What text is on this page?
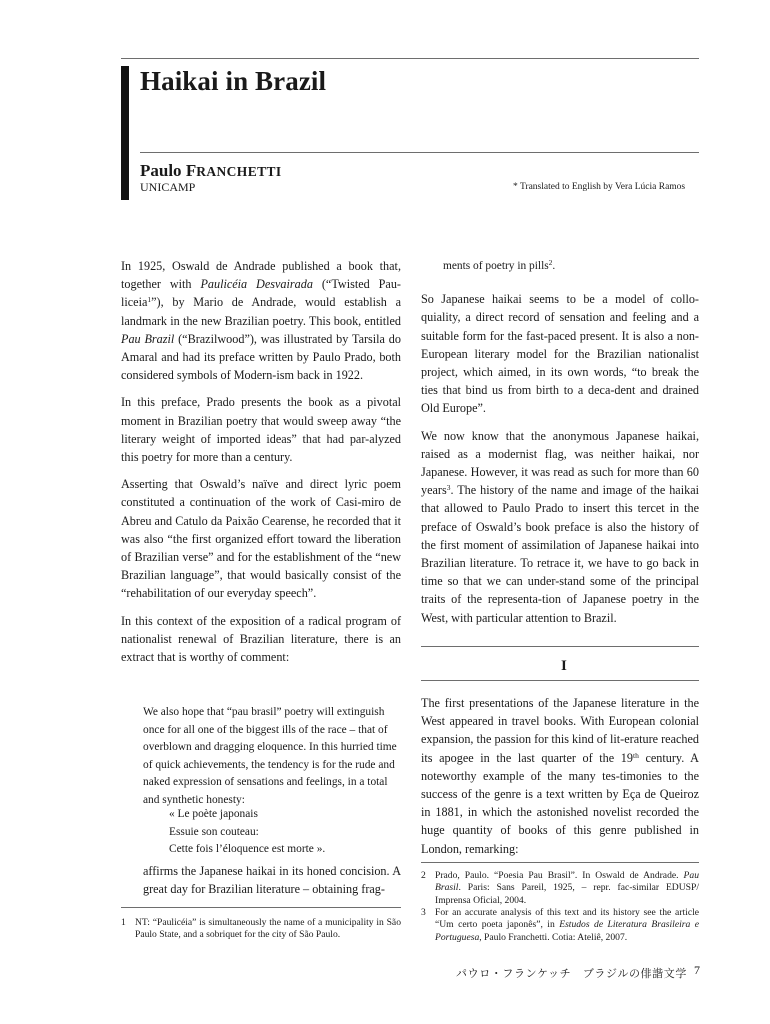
Haikai in Brazil
Paulo FRANCHETTI
UNICAMP	* Translated to English by Vera Lúcia Ramos

In 1925, Oswald de Andrade published a book that, together with Paulicéia Desvairada (“Twisted Pau-liceia$^1$”), by Mario de Andrade, would establish a landmark in the new Brazilian poetry. This book, entitled Pau Brazil (“Brazilwood”), was illustrated by Tarsila do Amaral and had its preface written by Paulo Prado, both considered symbols of Modern-ism back in 1922.

In this preface, Prado presents the book as a pivotal moment in Brazilian poetry that would sweep away “the literary weight of imported ideas” that had par-alyzed this poetry for more than a century.

Asserting that Oswald’s naïve and direct lyric poem constituted a continuation of the work of Casi-miro de Abreu and Catulo da Paixão Cearense, he recorded that it was also “the first organized effort toward the liberation of Brazilian verse” and for the establishment of the “new Brazilian language”, that would basically consist of the “rehabilitation of our everyday speech”.

In this context of the exposition of a radical program of nationalist renewal of Brazilian literature, there is an extract that is worthy of comment:

We also hope that “pau brasil” poetry will extinguish once for all one of the biggest ills of the race – that of overblown and dragging eloquence. In this hurried time of quick achievements, the tendency is for the rude and naked expression of sensations and feelings, in a total and synthetic honesty:

« Le poète japonais
Essuie son couteau:
Cette fois l’éloquence est morte ».
affirms the Japanese haikai in its honed concision. A great day for Brazilian literature – obtaining frag-
1 NT: “Paulicéia” is simultaneously the name of a municipality in São Paulo State, and a sobriquet for the city of São Paulo.

ments of poetry in pills$^2$.

So Japanese haikai seems to be a model of collo-quiality, a direct record of sensation and feeling and a suitable form for the fast-paced present. It is also a non-European literary model for the Brazilian nationalist project, which aimed, in its own words, “to break the ties that bind us from birth to a deca-dent and drained Old Europe”.

We now know that the anonymous Japanese haikai, raised as a modernist flag, was neither haikai, nor Japanese. However, it was read as such for more than 60 years$^3$. The history of the name and image of the haikai that allowed to Paulo Prado to insert this tercet in the preface of Oswald’s book preface is also the history of the first moment of assimilation of Japanese haikai into Brazilian literature. To retrace it, we have to go back in time so that we can under-stand some of the principal traits of the representa-tion of Japanese poetry in the West, with particular attention to Brazil.

I

The first presentations of the Japanese literature in the West appeared in travel books. With European colonial expansion, the passion for this kind of lit-erature reached its apogee in the last quarter of the 19th century. A noteworthy example of the many tes-timonies to the success of the genre is a text written by Eça de Queiroz in 1881, in which the astonished novelist recorded the huge quantity of books of this genre published in London, remarking:

2 Prado, Paulo. “Poesia Pau Brasil”. In Oswald de Andrade. Pau Brasil. Paris: Sans Pareil, 1925, – repr. fac-similar EDUSP/ Imprensa Oficial, 2004.
3 For an accurate analysis of this text and its history see the article “Um certo poeta japonês”, in Estudos de Literatura Brasileira e Portuguesa, Paulo Franchetti. Cotia: Ateliê, 2007.
パウロ・フランケッチ　ブラジルの俳諧文学 7
